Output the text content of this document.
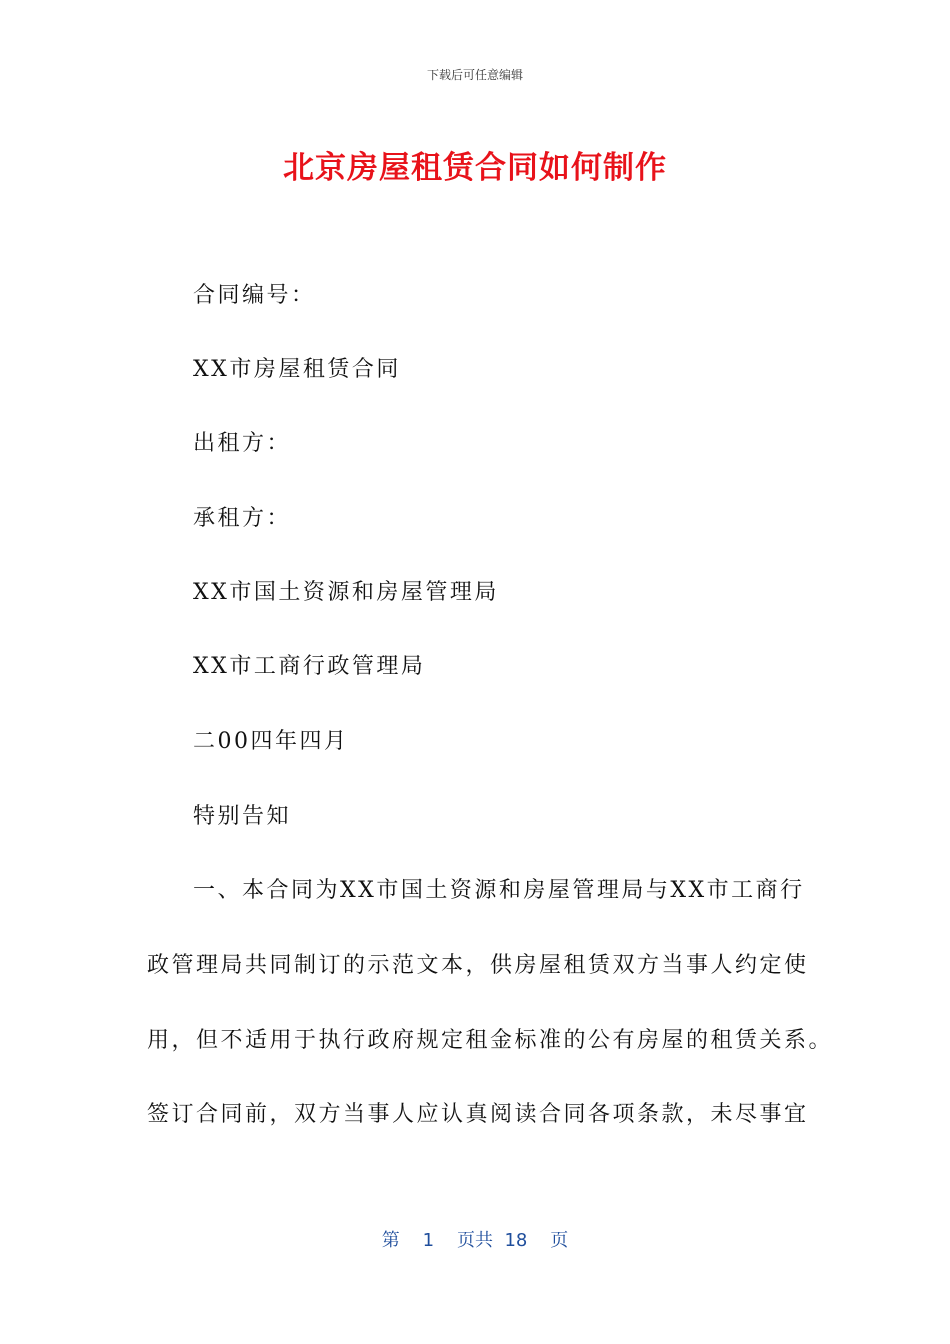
下载后可任意编辑
北京房屋租赁合同如何制作
合同编号：
XX市房屋租赁合同
出租方：
承租方：
XX市国土资源和房屋管理局
XX市工商行政管理局
二00四年四月
特别告知
一、本合同为XX市国土资源和房屋管理局与XX市工商行
政管理局共同制订的示范文本，供房屋租赁双方当事人约定使
用，但不适用于执行政府规定租金标准的公有房屋的租赁关系。
签订合同前，双方当事人应认真阅读合同各项条款，未尽事宜
第 1 页共 18 页
